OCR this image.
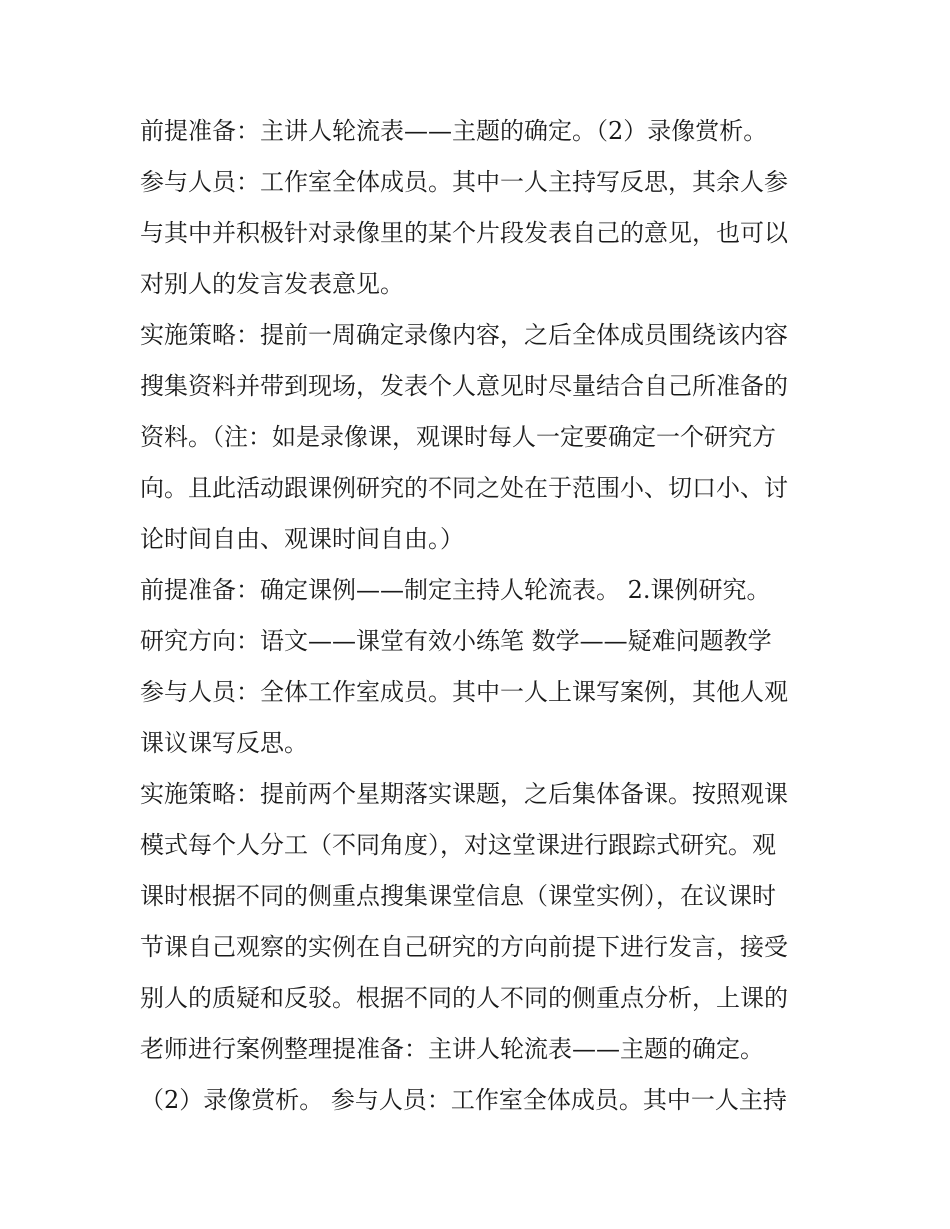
前提准备：主讲人轮流表——主题的确定。（2）录像赏析。
参与人员：工作室全体成员。其中一人主持写反思，其余人参
与其中并积极针对录像里的某个片段发表自己的意见，也可以
对别人的发言发表意见。
实施策略：提前一周确定录像内容，之后全体成员围绕该内容
搜集资料并带到现场，发表个人意见时尽量结合自己所准备的
资料。（注：如是录像课，观课时每人一定要确定一个研究方
向。且此活动跟课例研究的不同之处在于范围小、切口小、讨
论时间自由、观课时间自由。）
前提准备：确定课例——制定主持人轮流表。 2.课例研究。
研究方向：语文——课堂有效小练笔 数学——疑难问题教学
参与人员：全体工作室成员。其中一人上课写案例，其他人观
课议课写反思。
实施策略：提前两个星期落实课题，之后集体备课。按照观课
模式每个人分工（不同角度），对这堂课进行跟踪式研究。观
课时根据不同的侧重点搜集课堂信息（课堂实例），在议课时
节课自己观察的实例在自己研究的方向前提下进行发言，接受
别人的质疑和反驳。根据不同的人不同的侧重点分析，上课的
老师进行案例整理提准备：主讲人轮流表——主题的确定。
（2）录像赏析。 参与人员：工作室全体成员。其中一人主持
